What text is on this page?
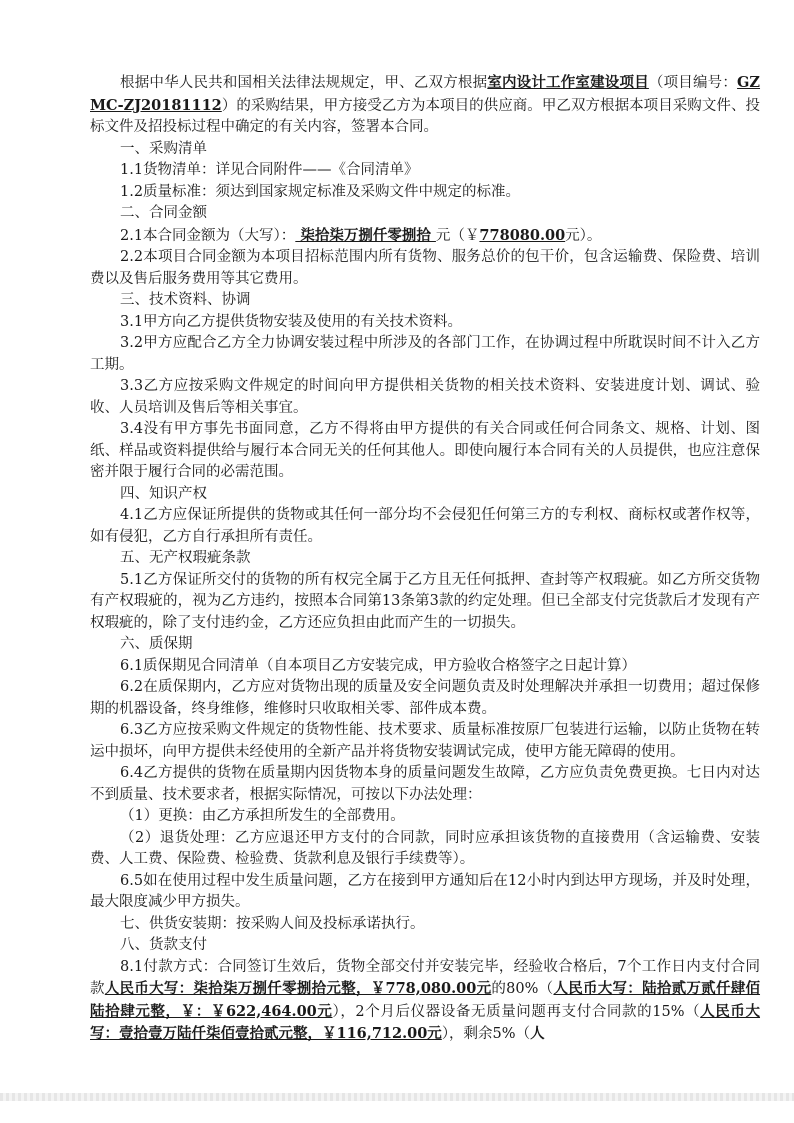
根据中华人民共和国相关法律法规规定，甲、乙双方根据室内设计工作室建设项目（项目编号：GZMC-ZJ20181112）的采购结果，甲方接受乙方为本项目的供应商。甲乙双方根据本项目采购文件、投标文件及招投标过程中确定的有关内容，签署本合同。

一、采购清单

1.1货物清单：详见合同附件——《合同清单》

1.2质量标准：须达到国家规定标准及采购文件中规定的标准。

二、合同金额

2.1本合同金额为（大写）： 柒拾柒万捌仟零捌拾 元（￥778080.00元）。

2.2本项目合同金额为本项目招标范围内所有货物、服务总价的包干价，包含运输费、保险费、培训费以及售后服务费用等其它费用。

三、技术资料、协调

3.1甲方向乙方提供货物安装及使用的有关技术资料。

3.2甲方应配合乙方全力协调安装过程中所涉及的各部门工作，在协调过程中所耽误时间不计入乙方工期。

3.3乙方应按采购文件规定的时间向甲方提供相关货物的相关技术资料、安装进度计划、调试、验收、人员培训及售后等相关事宜。

3.4没有甲方事先书面同意，乙方不得将由甲方提供的有关合同或任何合同条文、规格、计划、图纸、样品或资料提供给与履行本合同无关的任何其他人。即使向履行本合同有关的人员提供，也应注意保密并限于履行合同的必需范围。

四、知识产权

4.1乙方应保证所提供的货物或其任何一部分均不会侵犯任何第三方的专利权、商标权或著作权等，如有侵犯，乙方自行承担所有责任。

五、无产权瑕疵条款

5.1乙方保证所交付的货物的所有权完全属于乙方且无任何抵押、查封等产权瑕疵。如乙方所交货物有产权瑕疵的，视为乙方违约，按照本合同第13条第3款的约定处理。但已全部支付完货款后才发现有产权瑕疵的，除了支付违约金，乙方还应负担由此而产生的一切损失。

六、质保期

6.1质保期见合同清单（自本项目乙方安装完成，甲方验收合格签字之日起计算）

6.2在质保期内，乙方应对货物出现的质量及安全问题负责及时处理解决并承担一切费用；超过保修期的机器设备，终身维修，维修时只收取相关零、部件成本费。

6.3乙方应按采购文件规定的货物性能、技术要求、质量标准按原厂包装进行运输，以防止货物在转运中损坏，向甲方提供未经使用的全新产品并将货物安装调试完成，使甲方能无障碍的使用。

6.4乙方提供的货物在质量期内因货物本身的质量问题发生故障，乙方应负责免费更换。七日内对达不到质量、技术要求者，根据实际情况，可按以下办法处理：

（1）更换：由乙方承担所发生的全部费用。

（2）退货处理：乙方应退还甲方支付的合同款，同时应承担该货物的直接费用（含运输费、安装费、人工费、保险费、检验费、货款利息及银行手续费等）。

6.5如在使用过程中发生质量问题，乙方在接到甲方通知后在12小时内到达甲方现场，并及时处理，最大限度减少甲方损失。

七、供货安装期：按采购人间及投标承诺执行。

八、货款支付

8.1付款方式：合同签订生效后，货物全部交付并安装完毕，经验收合格后，7个工作日内支付合同款人民币大写：柒拾柒万捌仟零捌拾元整，￥778,080.00元的80%（人民币大写：陆拾贰万贰仟肆佰陆拾肆元整，￥：￥622,464.00元），2个月后仪器设备无质量问题再支付合同款的15%（人民币大写：壹拾壹万陆仟柒佰壹拾贰元整，￥116,712.00元），剩余5%（人
